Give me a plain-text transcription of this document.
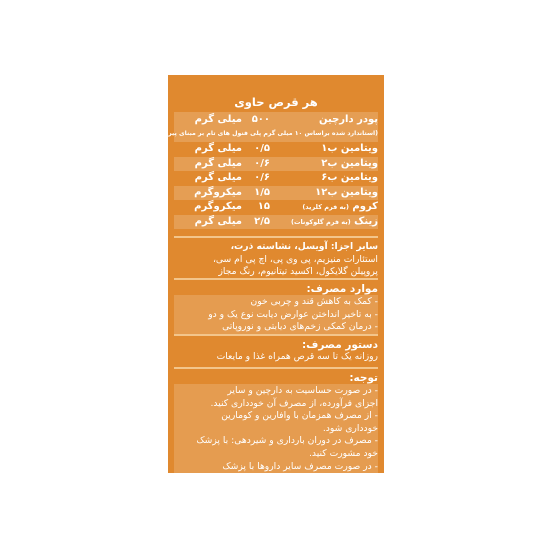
هر قرص حاوی
پودر دارچین
۵۰۰میلی گرم
(استاندارد شده براساس ۱۰ میلی گرم پلی فنول های تام بر مبنای پیروگالول)
ویتامین ب۱
۰/۵میلی گرم
ویتامین ب۲
۰/۶میلی گرم
ویتامین ب۶
۰/۶میلی گرم
ویتامین ب۱۲
۱/۵میکروگرم
کروم (به فرم کلرید)
۱۵میکروگرم
زینک (به فرم گلوکونات)
۲/۵میلی گرم

سایر اجزا: آویسل، نشاسته ذرت،

استئارات منیزیم، پی وی پی، اچ پی ام سی،

پروپیلن گلایکول، اکسید تیتانیوم، رنگ مجاز

موارد مصرف:

- کمک به کاهش قند و چربی خون

- به تاخیر انداختن عوارض دیابت نوع یک و دو

- درمان کمکی زخم‌های دیابتی و نوروپاتی

دستور مصرف:

روزانه یک تا سه قرص همراه غذا و مایعات

توجه:

- در صورت حساسیت به دارچین و سایر

اجزای فرآورده، از مصرف آن خودداری کنید.

- از مصرف همزمان با وافارین و کومارین

خودداری شود.

- مصرف در دوران بارداری و شیردهی: با پزشک

خود مشورت کنید.

- در صورت مصرف سایر داروها با پزشک

یا داروساز مشورت شود.
